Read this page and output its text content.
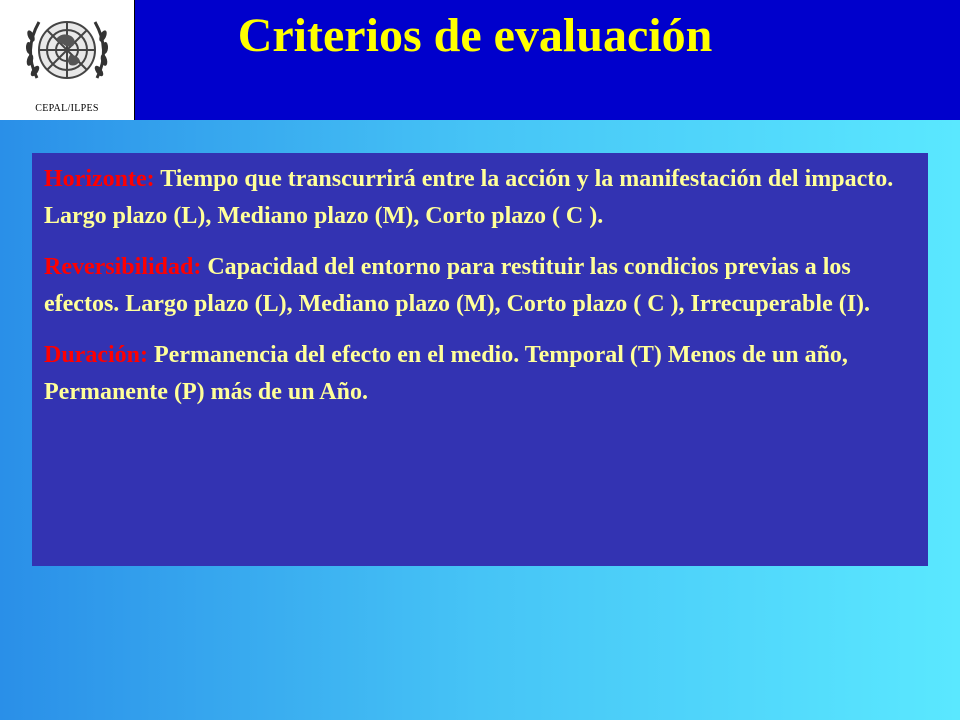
CEPAL/ILPES
Criterios de evaluación

Horizonte: Tiempo que transcurrirá entre la acción y la manifestación del impacto. Largo plazo (L), Mediano plazo (M), Corto plazo ( C ).

Reversibilidad: Capacidad del entorno para restituir las condicios previas a los efectos. Largo plazo (L), Mediano plazo (M), Corto plazo ( C ), Irrecuperable (I).

Duración: Permanencia del efecto en el medio. Temporal (T) Menos de un año, Permanente (P) más de un Año.
